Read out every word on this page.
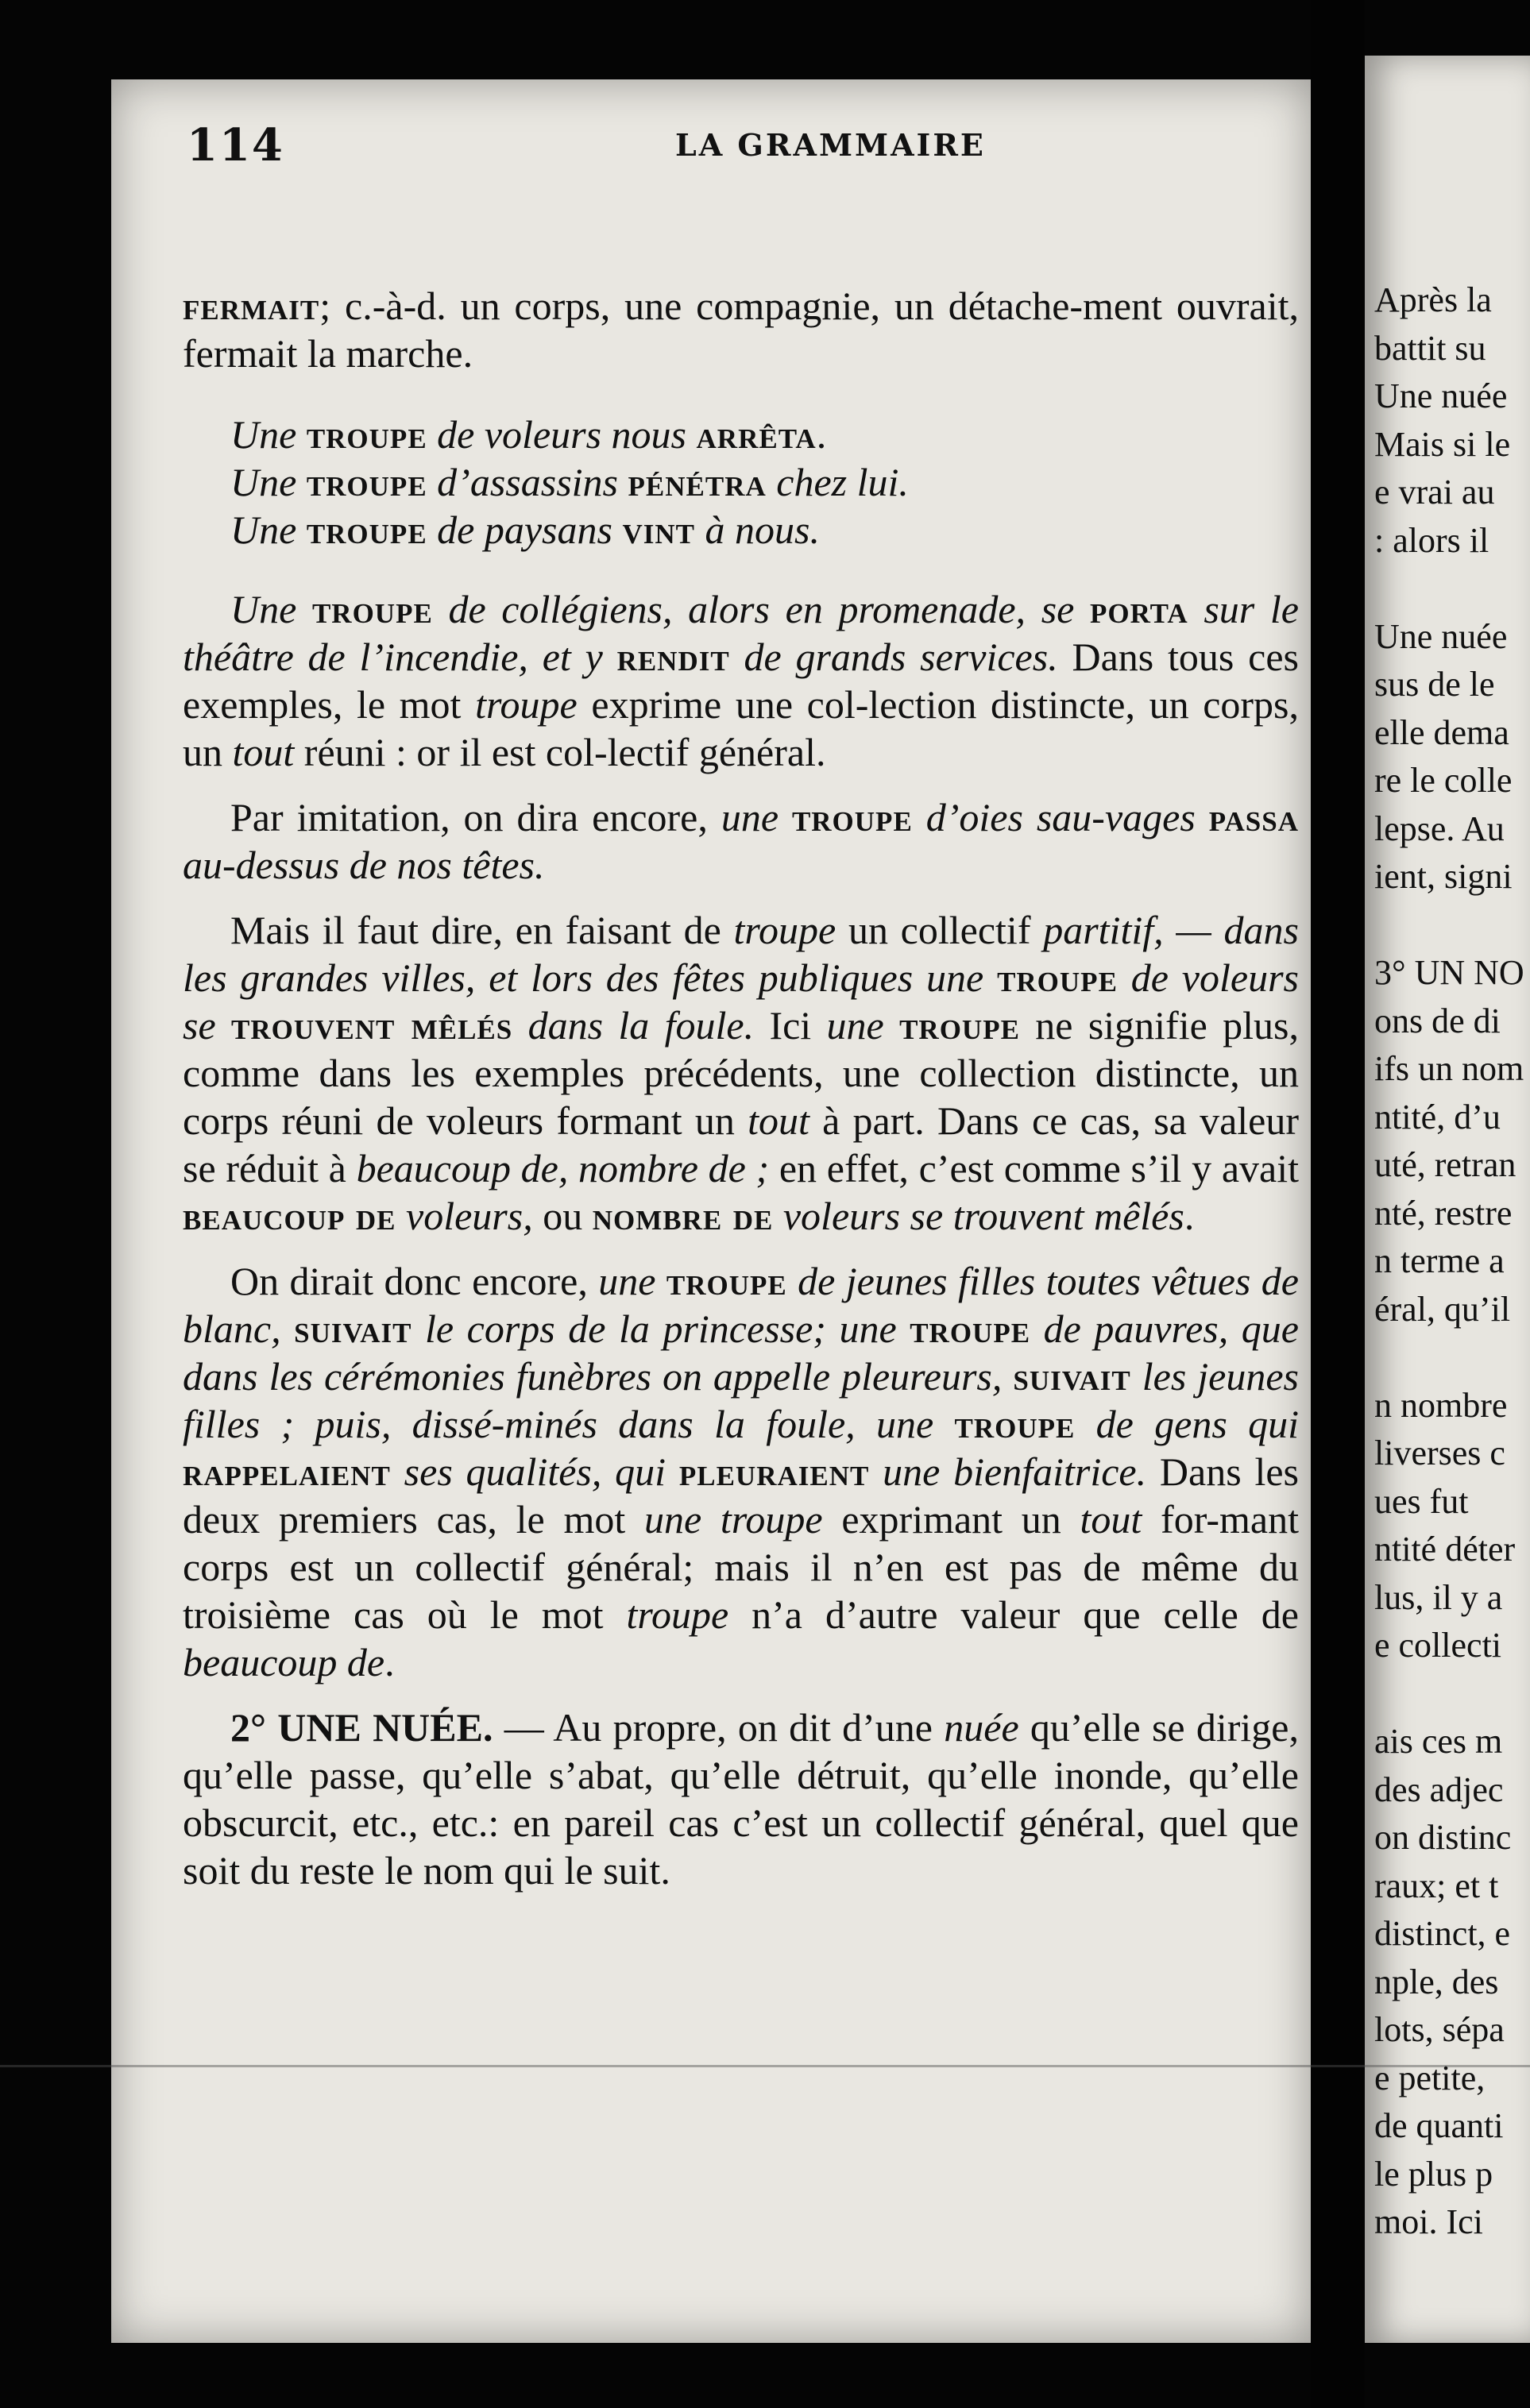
114	LA GRAMMAIRE

fermait; c.-à-d. un corps, une compagnie, un détache-ment ouvrait, fermait la marche.

Une troupe de voleurs nous arrêta.
Une troupe d’assassins pénétra chez lui.
Une troupe de paysans vint à nous.

Une troupe de collégiens, alors en promenade, se porta sur le théâtre de l’incendie, et y rendit de grands services. Dans tous ces exemples, le mot troupe exprime une col-lection distincte, un corps, un tout réuni : or il est col-lectif général.

Par imitation, on dira encore, une troupe d’oies sau-vages passa au-dessus de nos têtes.

Mais il faut dire, en faisant de troupe un collectif partitif, — dans les grandes villes, et lors des fêtes publiques une troupe de voleurs se trouvent mêlés dans la foule. Ici une troupe ne signifie plus, comme dans les exemples précédents, une collection distincte, un corps réuni de voleurs formant un tout à part. Dans ce cas, sa valeur se réduit à beaucoup de, nombre de ; en effet, c’est comme s’il y avait beaucoup de voleurs, ou nombre de voleurs se trouvent mêlés.

On dirait donc encore, une troupe de jeunes filles toutes vêtues de blanc, suivait le corps de la princesse; une troupe de pauvres, que dans les cérémonies funèbres on appelle pleureurs, suivait les jeunes filles ; puis, dissé-minés dans la foule, une troupe de gens qui rappelaient ses qualités, qui pleuraient une bienfaitrice. Dans les deux premiers cas, le mot une troupe exprimant un tout for-mant corps est un collectif général; mais il n’en est pas de même du troisième cas où le mot troupe n’a d’autre valeur que celle de beaucoup de.

2° UNE NUÉE. — Au propre, on dit d’une nuée qu’elle se dirige, qu’elle passe, qu’elle s’abat, qu’elle détruit, qu’elle inonde, qu’elle obscurcit, etc., etc.: en pareil cas c’est un collectif général, quel que soit du reste le nom qui le suit.

Après la
battit su
Une nuée
Mais si le
e vrai au
: alors il
Une nuée
sus de le
elle dema
re le colle
lepse. Au
ient, signi
3° UN NO
ons de di
ifs un nom
ntité, d’u
uté, retran
nté, restre
n terme a
éral, qu’il
n nombre
liverses c
ues fut
ntité déter
lus, il y a
e collecti
ais ces m
des adjec
on distinc
raux; et t
distinct, e
nple, des
lots, sépa
e petite,
de quanti
le plus p
moi. Ici
